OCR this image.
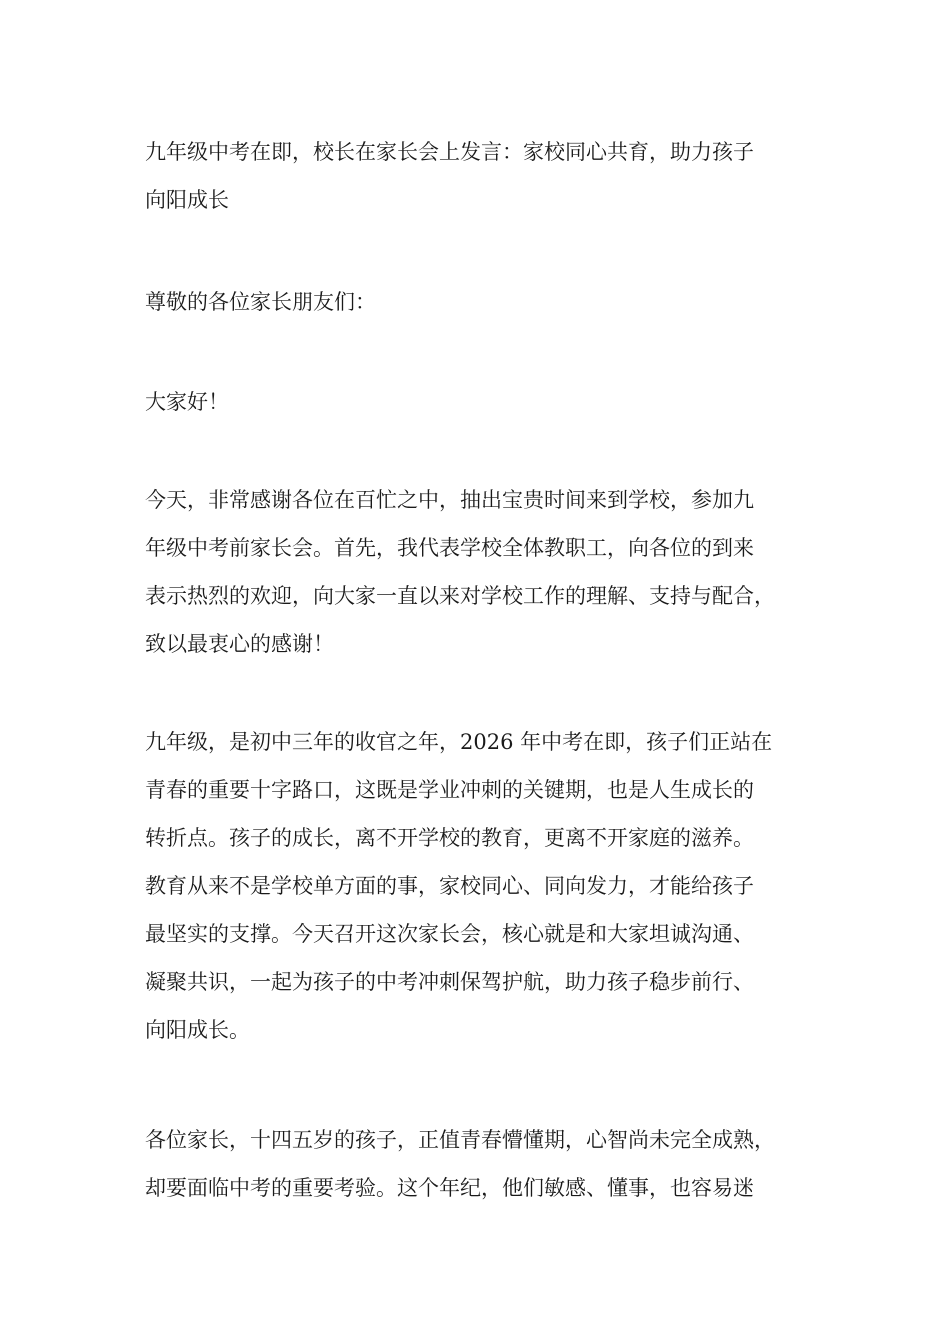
九年级中考在即，校长在家长会上发言：家校同心共育，助力孩子
向阳成长

尊敬的各位家长朋友们：

大家好！

今天，非常感谢各位在百忙之中，抽出宝贵时间来到学校，参加九
年级中考前家长会。首先，我代表学校全体教职工，向各位的到来
表示热烈的欢迎，向大家一直以来对学校工作的理解、支持与配合，
致以最衷心的感谢！

九年级，是初中三年的收官之年，2026 年中考在即，孩子们正站在
青春的重要十字路口，这既是学业冲刺的关键期，也是人生成长的
转折点。孩子的成长，离不开学校的教育，更离不开家庭的滋养。
教育从来不是学校单方面的事，家校同心、同向发力，才能给孩子
最坚实的支撑。今天召开这次家长会，核心就是和大家坦诚沟通、
凝聚共识，一起为孩子的中考冲刺保驾护航，助力孩子稳步前行、
向阳成长。

各位家长，十四五岁的孩子，正值青春懵懂期，心智尚未完全成熟，
却要面临中考的重要考验。这个年纪，他们敏感、懂事，也容易迷
